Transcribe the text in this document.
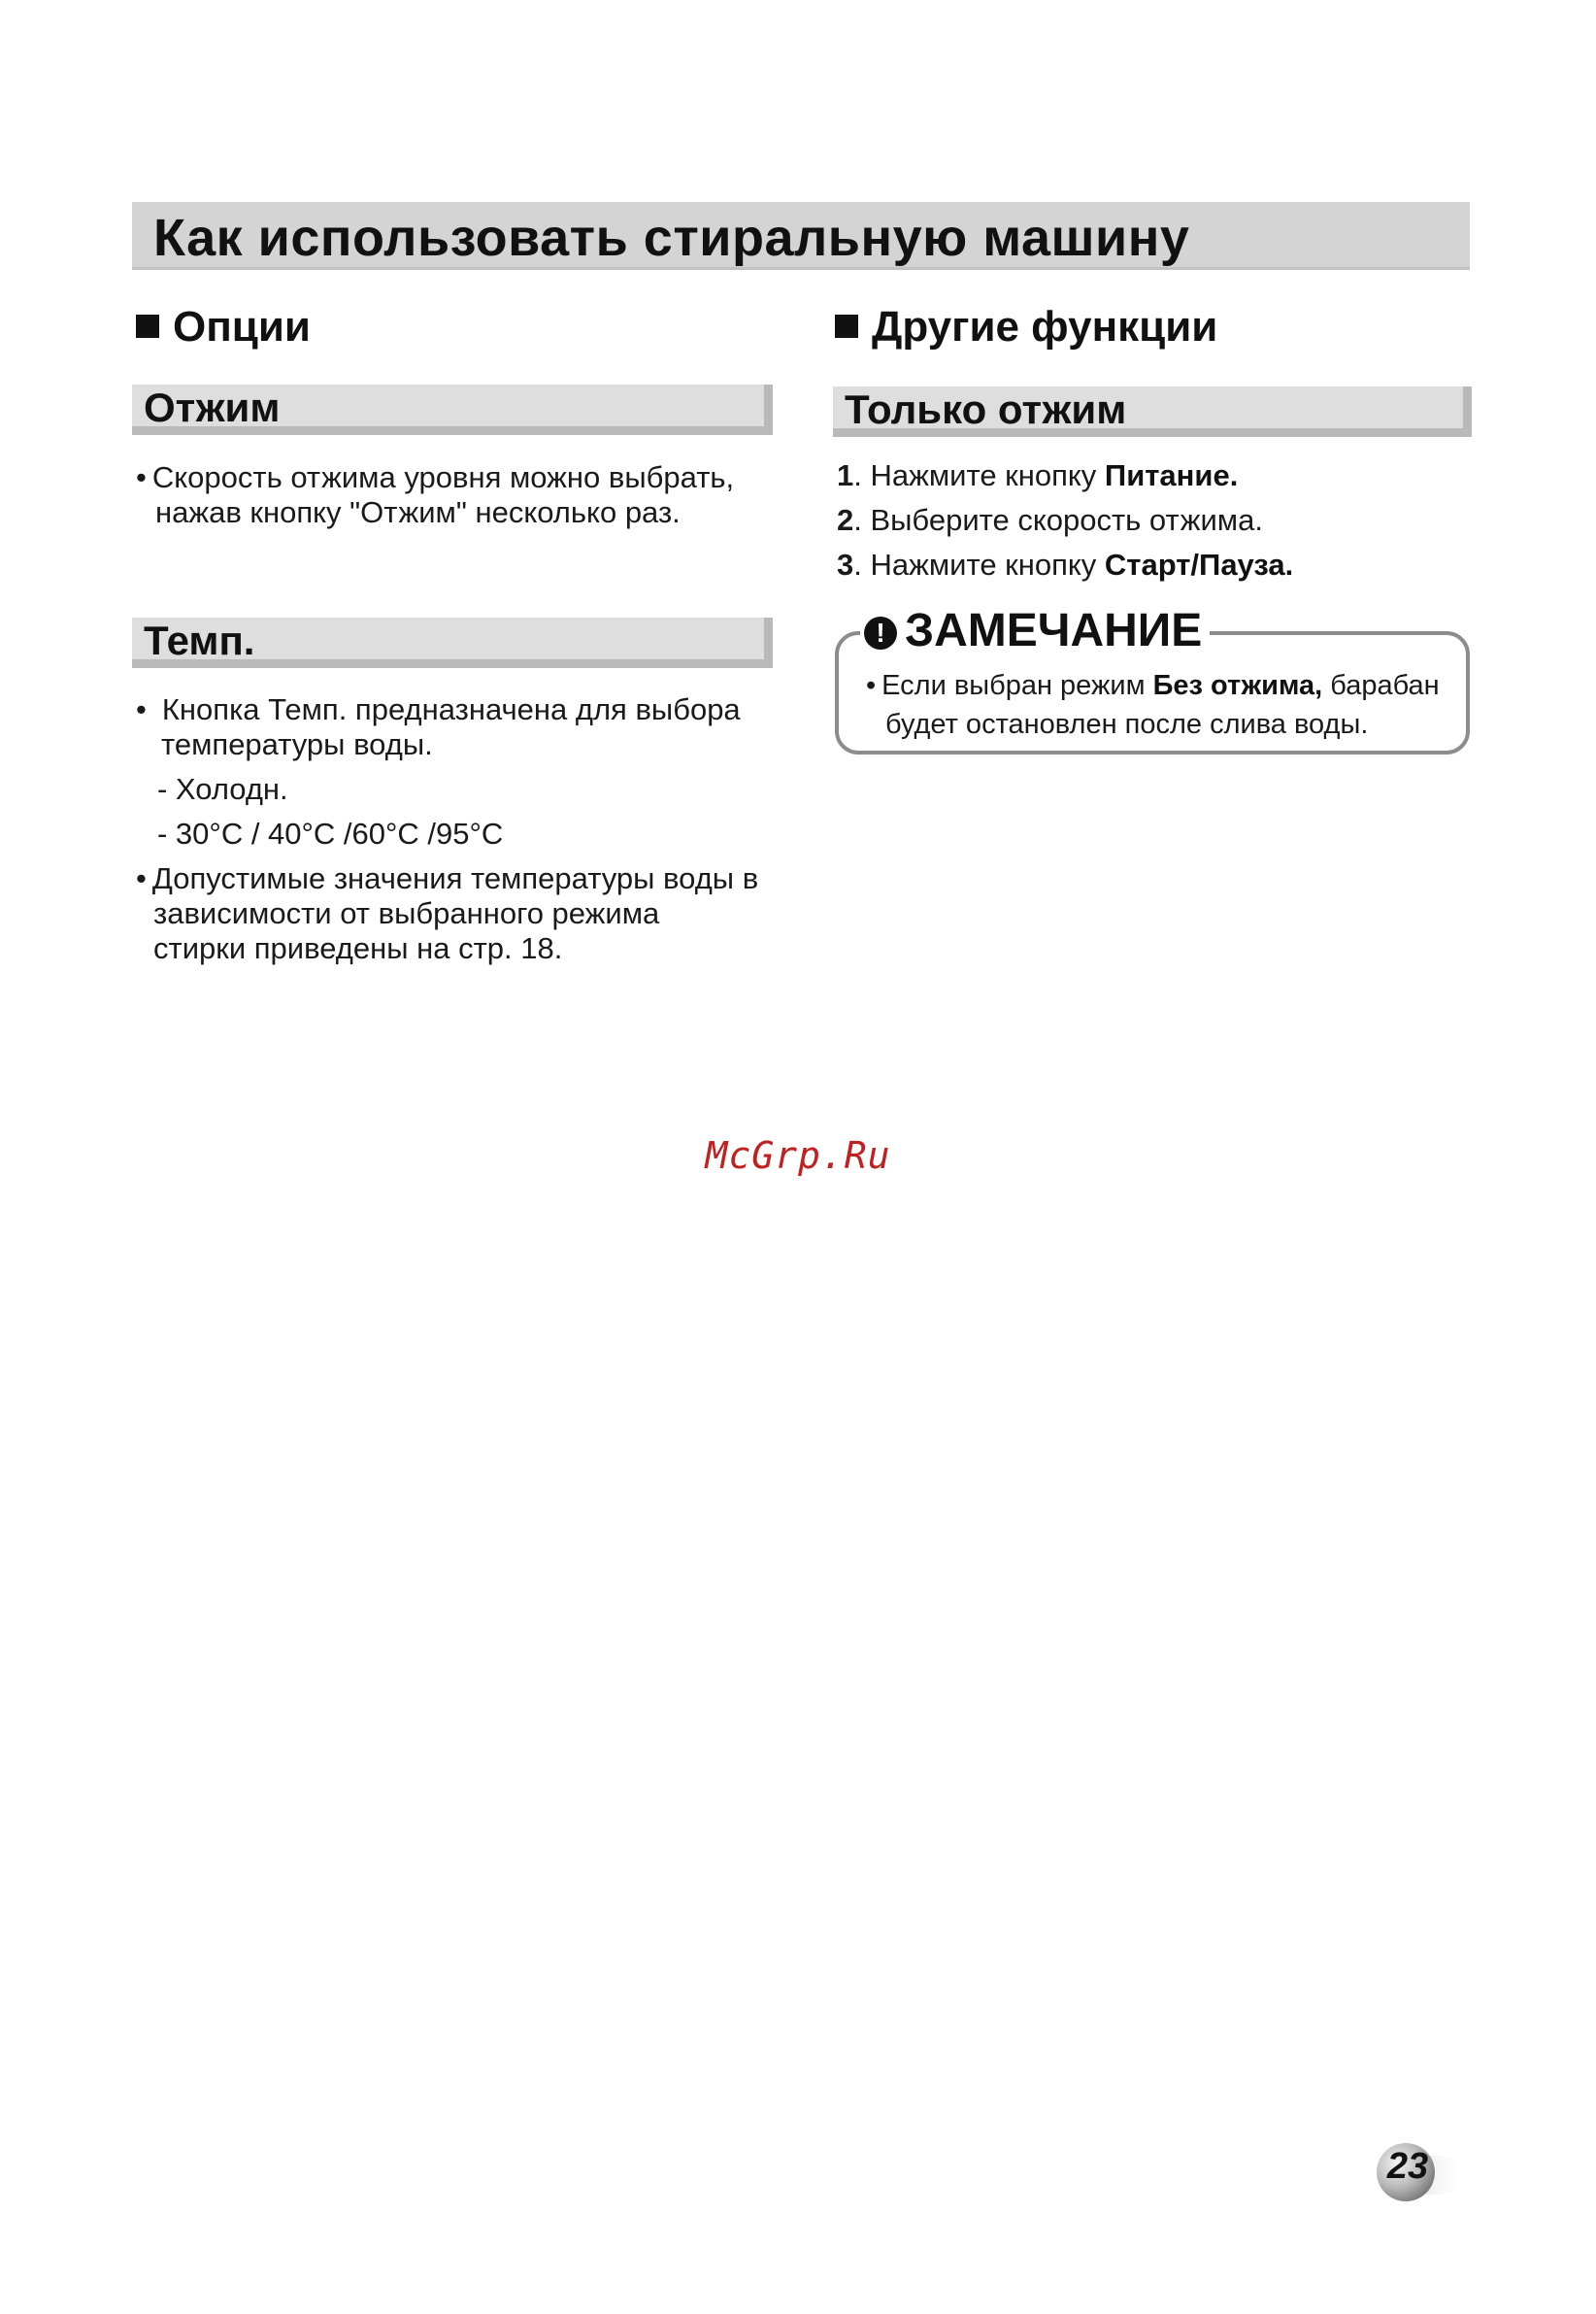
Как использовать стиральную машину
Опции
Отжим
• Скорость отжима уровня можно выбрать,
нажав кнопку "Отжим" несколько раз.
Темп.
• Кнопка Темп. предназначена для выбора
температуры воды.
- Холодн.
- 30°C / 40°C /60°C /95°C
• Допустимые значения температуры воды в
зависимости от выбранного режима
стирки приведены на стр. 18.
Другие функции
Только отжим
1. Нажмите кнопку Питание.
2. Выберите скорость отжима.
3. Нажмите кнопку Старт/Пауза.
! ЗАМЕЧАНИЕ
• Если выбран режим Без отжима, барабан
будет остановлен после слива воды.
McGrp.Ru
23
